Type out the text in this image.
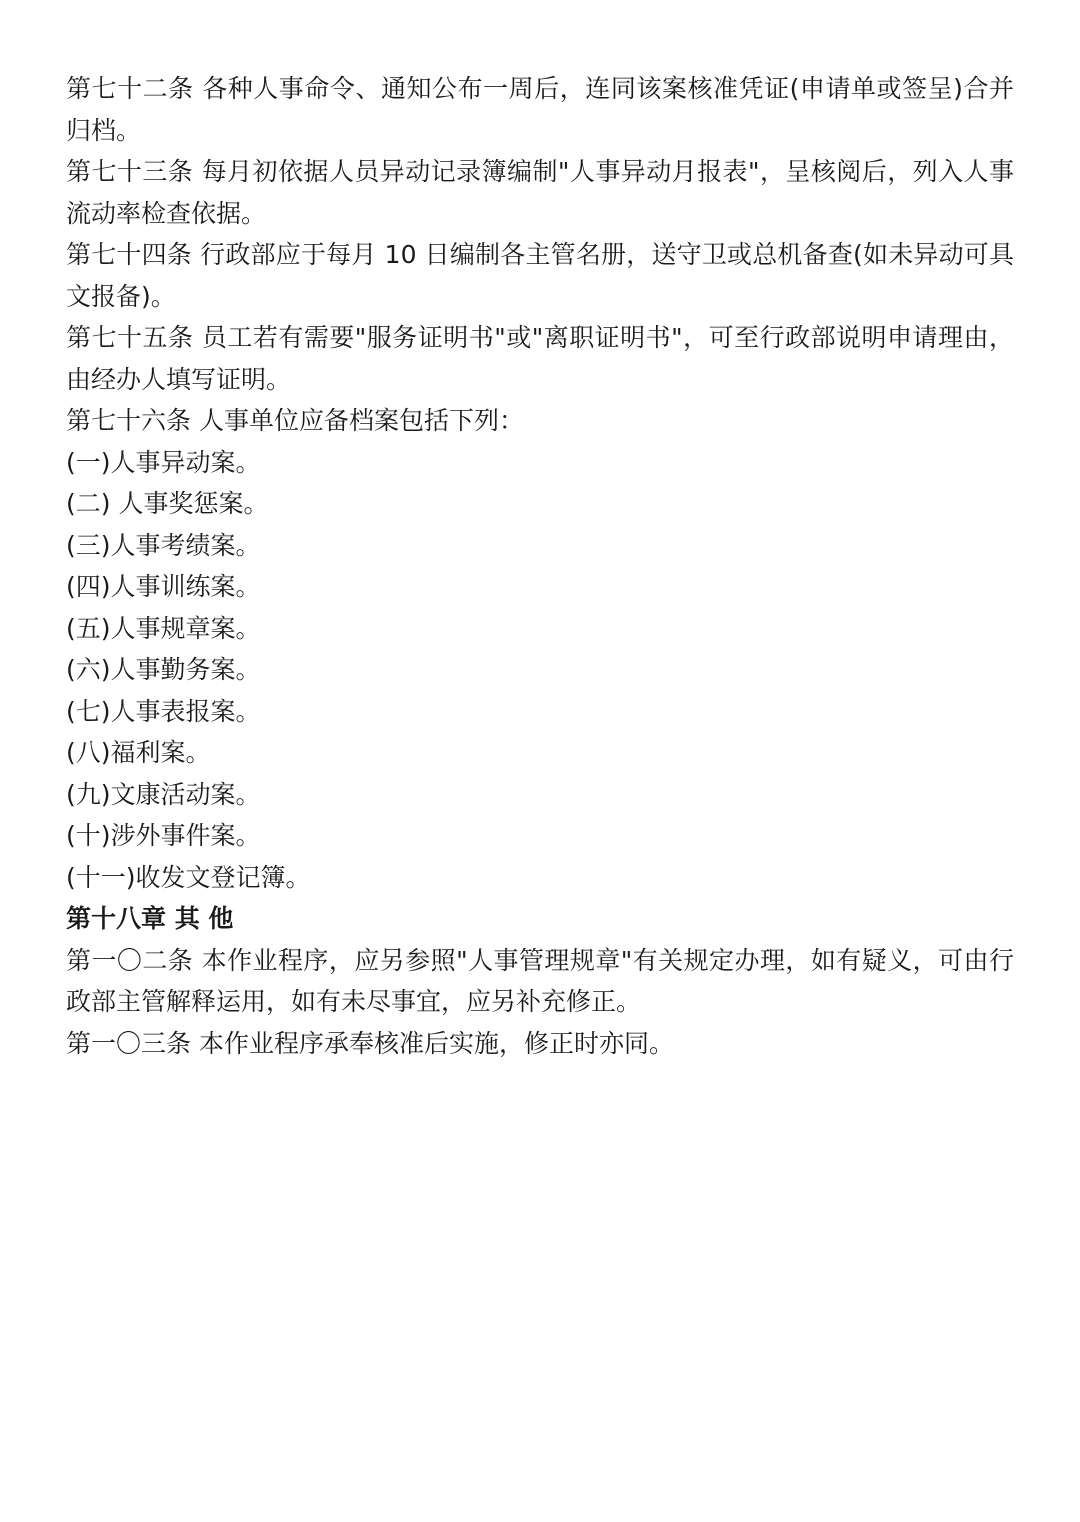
第七十二条 各种人事命令、通知公布一周后，连同该案核准凭证(申请单或签呈)合并
归档。
第七十三条 每月初依据人员异动记录簿编制"人事异动月报表"，呈核阅后，列入人事
流动率检查依据。
第七十四条 行政部应于每月 10 日编制各主管名册，送守卫或总机备查(如未异动可具
文报备)。
第七十五条 员工若有需要"服务证明书"或"离职证明书"，可至行政部说明申请理由，
由经办人填写证明。
第七十六条 人事单位应备档案包括下列：
(一)人事异动案。
(二) 人事奖惩案。
(三)人事考绩案。
(四)人事训练案。
(五)人事规章案。
(六)人事勤务案。
(七)人事表报案。
(八)福利案。
(九)文康活动案。
(十)涉外事件案。
(十一)收发文登记簿。
第十八章 其 他
第一〇二条 本作业程序，应另参照"人事管理规章"有关规定办理，如有疑义，可由行
政部主管解释运用，如有未尽事宜，应另补充修正。
第一〇三条 本作业程序承奉核准后实施，修正时亦同。
